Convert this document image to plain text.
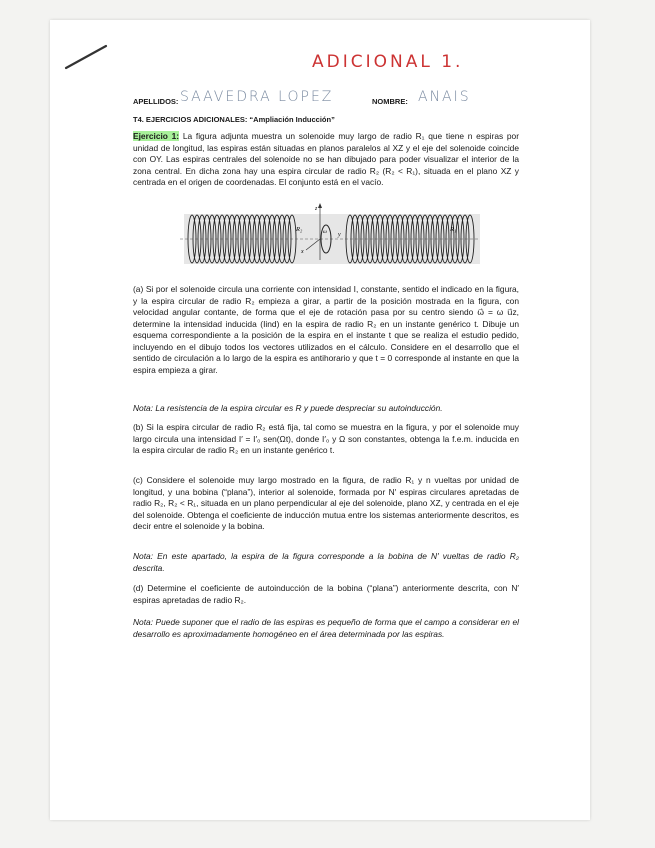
ADICIONAL 1.
APELLIDOS: SAAVEDRA LOPEZ	NOMBRE: ANAIS
T4. EJERCICIOS ADICIONALES: “Ampliación Inducción”
Ejercicio 1: La figura adjunta muestra un solenoide muy largo de radio R₁ que tiene n espiras por unidad de longitud, las espiras están situadas en planos paralelos al XZ y el eje del solenoide coincide con OY. Las espiras centrales del solenoide no se han dibujado para poder visualizar el interior de la zona central. En dicha zona hay una espira circular de radio R₂ (R₂ < R₁), situada en el plano XZ y centrada en el origen de coordenadas. El conjunto está en el vacío.
z
x
y
ω
R₂	R₁
(a) Si por el solenoide circula una corriente con intensidad I, constante, sentido el indicado en la figura, y la espira circular de radio R₂ empieza a girar, a partir de la posición mostrada en la figura, con velocidad angular contante, de forma que el eje de rotación pasa por su centro siendo ω⃗ = ω u⃗z, determine la intensidad inducida (Iind) en la espira de radio R₂ en un instante genérico t. Dibuje un esquema correspondiente a la posición de la espira en el instante t que se realiza el estudio pedido, incluyendo en el dibujo todos los vectores utilizados en el cálculo. Considere en el desarrollo que el sentido de circulación a lo largo de la espira es antihorario y que t = 0 corresponde al instante en que la espira empieza a girar.
Nota: La resistencia de la espira circular es R y puede despreciar su autoinducción.
(b) Si la espira circular de radio R₂ está fija, tal como se muestra en la figura, y por el solenoide muy largo circula una intensidad I′ = I′₀ sen(Ωt), donde I′₀ y Ω son constantes, obtenga la f.e.m. inducida en la espira circular de radio R₂ en un instante genérico t.
(c) Considere el solenoide muy largo mostrado en la figura, de radio R₁ y n vueltas por unidad de longitud, y una bobina (“plana”), interior al solenoide, formada por N′ espiras circulares apretadas de radio R₂, R₂ < R₁, situada en un plano perpendicular al eje del solenoide, plano XZ, y centrada en el eje del solenoide. Obtenga el coeficiente de inducción mutua entre los sistemas anteriormente descritos, es decir entre el solenoide y la bobina.
Nota: En este apartado, la espira de la figura corresponde a la bobina de N′ vueltas de radio R₂ descrita.
(d) Determine el coeficiente de autoinducción de la bobina (“plana”) anteriormente descrita, con N′ espiras apretadas de radio R₂.
Nota: Puede suponer que el radio de las espiras es pequeño de forma que el campo a considerar en el desarrollo es aproximadamente homogéneo en el área determinada por las espiras.
